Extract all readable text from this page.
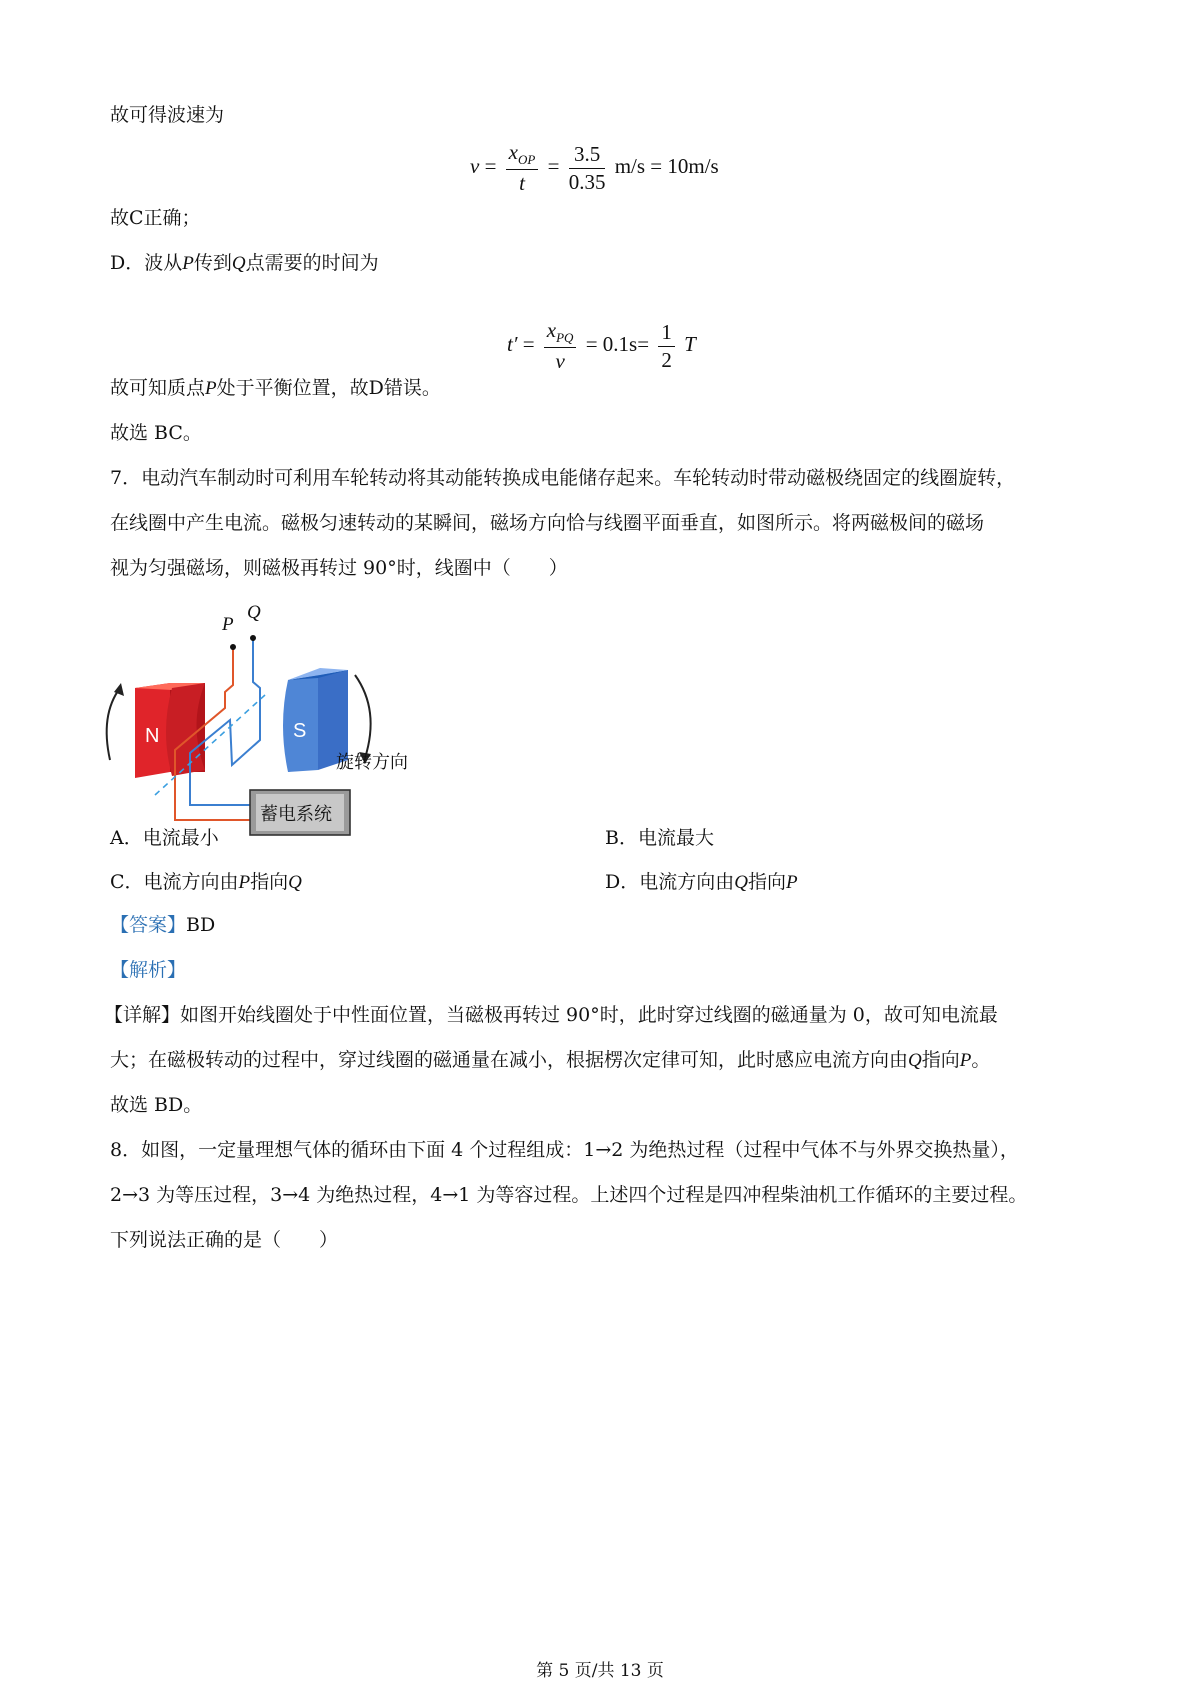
故可得波速为
$v = \frac{x_{OP}}{t} = \frac{3.5}{0.35} m/s = 10m/s$
故C正确；
D．波从P传到Q点需要的时间为
$t' = \frac{x_{PQ}}{v} = 0.1s= \frac{1}{2}$ T
故可知质点P处于平衡位置，故D错误。
故选 BC。
7．电动汽车制动时可利用车轮转动将其动能转换成电能储存起来。车轮转动时带动磁极绕固定的线圈旋转，
在线圈中产生电流。磁极匀速转动的某瞬间，磁场方向恰与线圈平面垂直，如图所示。将两磁极间的磁场
视为匀强磁场，则磁极再转过 90°时，线圈中（　　）
N	S
P
Q
蓄电系统
旋转方向
A．电流最小	B．电流最大
C．电流方向由P指向Q	D．电流方向由Q指向P
【答案】BD
【解析】
【详解】如图开始线圈处于中性面位置，当磁极再转过 90°时，此时穿过线圈的磁通量为 0，故可知电流最
大；在磁极转动的过程中，穿过线圈的磁通量在减小，根据楞次定律可知，此时感应电流方向由Q指向P。
故选 BD。
8．如图，一定量理想气体的循环由下面 4 个过程组成：1→2 为绝热过程（过程中气体不与外界交换热量），
2→3 为等压过程，3→4 为绝热过程，4→1 为等容过程。上述四个过程是四冲程柴油机工作循环的主要过程。
下列说法正确的是（　　）
第 5 页/共 13 页
